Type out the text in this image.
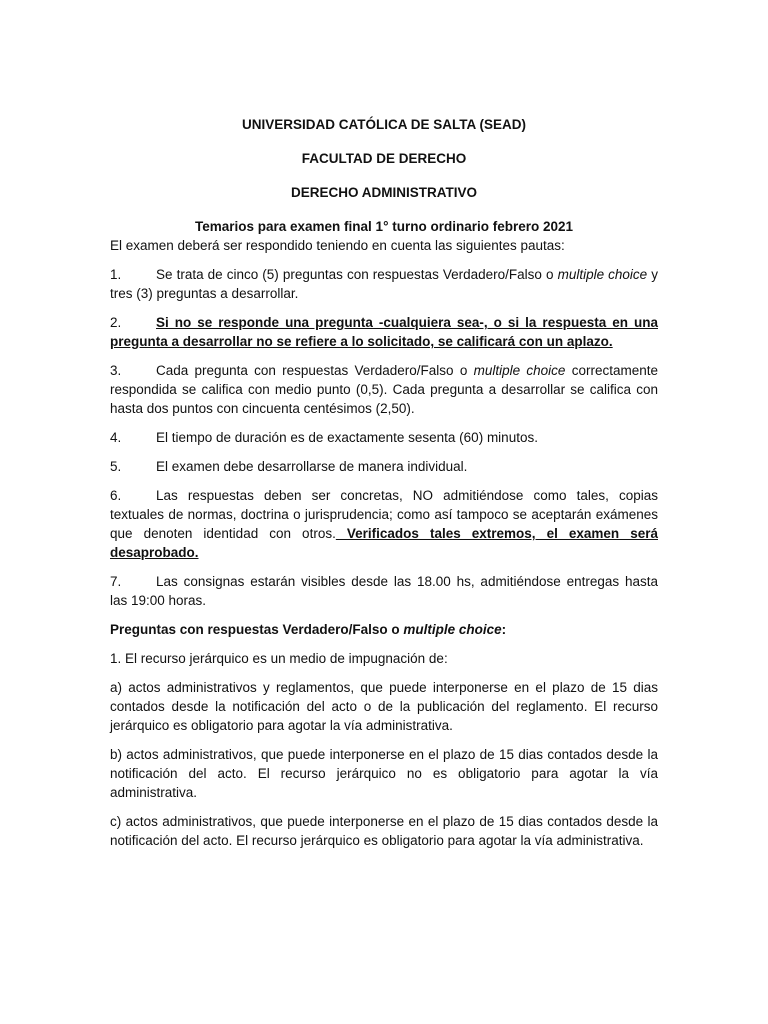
UNIVERSIDAD CATÓLICA DE SALTA (SEAD)

FACULTAD DE DERECHO

DERECHO ADMINISTRATIVO

Temarios para examen final 1° turno ordinario febrero 2021

El examen deberá ser respondido teniendo en cuenta las siguientes pautas:

1.	Se trata de cinco (5) preguntas con respuestas Verdadero/Falso o multiple choice y tres (3) preguntas a desarrollar.

2.	Si no se responde una pregunta -cualquiera sea-, o si la respuesta en una pregunta a desarrollar no se refiere a lo solicitado, se calificará con un aplazo.

3.	Cada pregunta con respuestas Verdadero/Falso o multiple choice correctamente respondida se califica con medio punto (0,5). Cada pregunta a desarrollar se califica con hasta dos puntos con cincuenta centésimos (2,50).

4.	El tiempo de duración es de exactamente sesenta (60) minutos.

5.	El examen debe desarrollarse de manera individual.

6.	Las respuestas deben ser concretas, NO admitiéndose como tales, copias textuales de normas, doctrina o jurisprudencia; como así tampoco se aceptarán exámenes que denoten identidad con otros. Verificados tales extremos, el examen será desaprobado.

7.	Las consignas estarán visibles desde las 18.00 hs, admitiéndose entregas hasta las 19:00 horas.

Preguntas con respuestas Verdadero/Falso o multiple choice:

1. El recurso jerárquico es un medio de impugnación de:

a) actos administrativos y reglamentos, que puede interponerse en el plazo de 15 dias contados desde la notificación del acto o de la publicación del reglamento. El recurso jerárquico es obligatorio para agotar la vía administrativa.

b) actos administrativos, que puede interponerse en el plazo de 15 dias contados desde la notificación del acto. El recurso jerárquico no es obligatorio para agotar la vía administrativa.

c) actos administrativos, que puede interponerse en el plazo de 15 dias contados desde la notificación del acto. El recurso jerárquico es obligatorio para agotar la vía administrativa.
